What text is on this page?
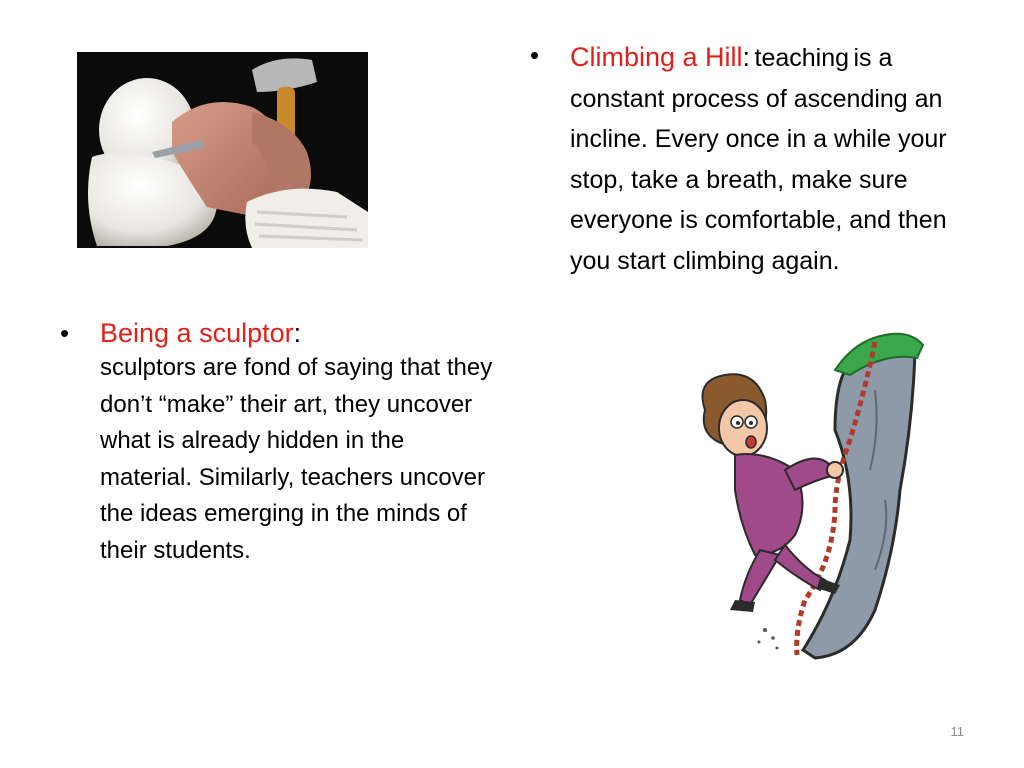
• Climbing a Hill: teaching is a constant process of ascending an incline. Every once in a while your stop, take a breath, make sure everyone is comfortable, and then you start climbing again.
• Being a sculptor:
sculptors are fond of saying that they don’t “make” their art, they uncover what is already hidden in the material. Similarly, teachers uncover the ideas emerging in the minds of their students.
11
